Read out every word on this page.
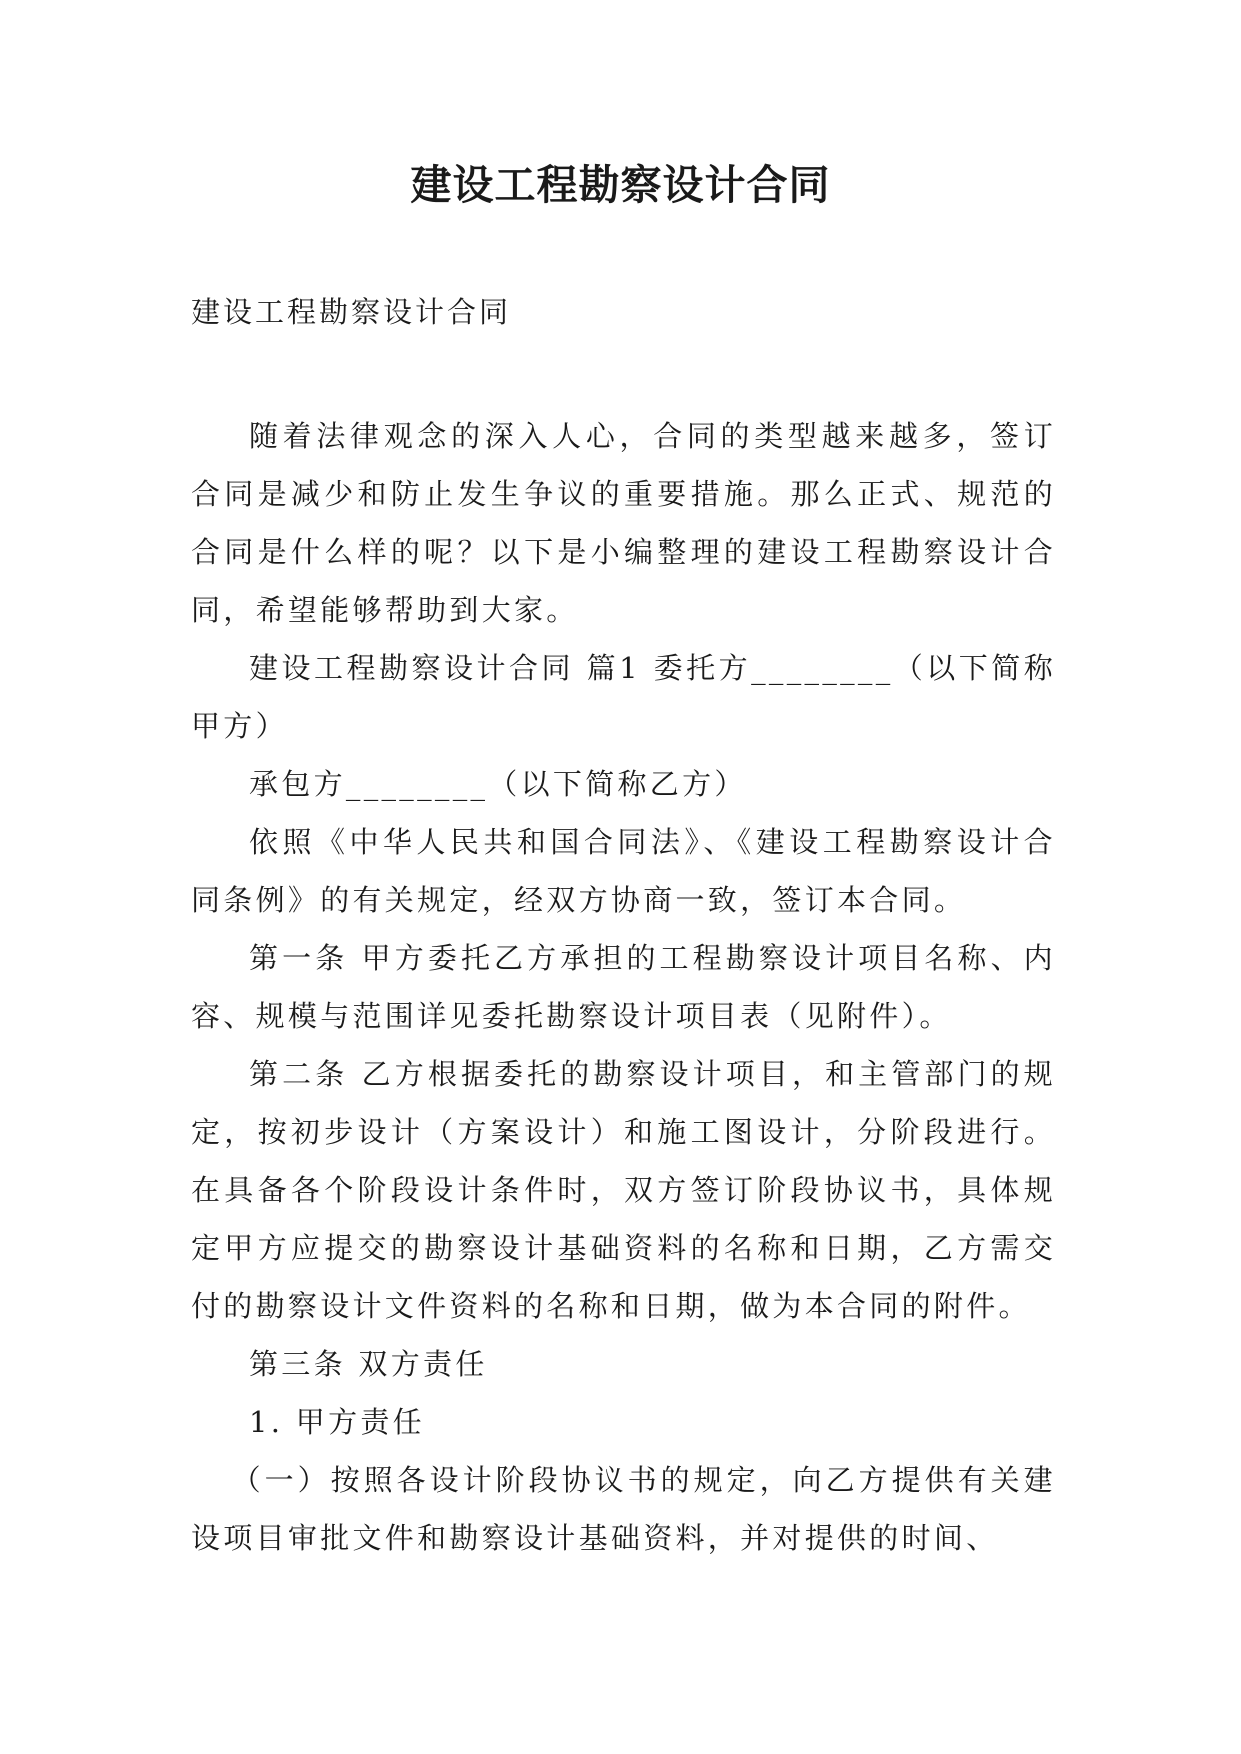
建设工程勘察设计合同

建设工程勘察设计合同

随着法律观念的深入人心，合同的类型越来越多，签订合同是减少和防止发生争议的重要措施。那么正式、规范的合同是什么样的呢？以下是小编整理的建设工程勘察设计合同，希望能够帮助到大家。

建设工程勘察设计合同 篇1 委托方________（以下简称甲方）

承包方________（以下简称乙方）

依照《中华人民共和国合同法》、《建设工程勘察设计合同条例》的有关规定，经双方协商一致，签订本合同。

第一条 甲方委托乙方承担的工程勘察设计项目名称、内容、规模与范围详见委托勘察设计项目表（见附件）。

第二条 乙方根据委托的勘察设计项目，和主管部门的规定，按初步设计（方案设计）和施工图设计，分阶段进行。在具备各个阶段设计条件时，双方签订阶段协议书，具体规定甲方应提交的勘察设计基础资料的名称和日期，乙方需交付的勘察设计文件资料的名称和日期，做为本合同的附件。

第三条 双方责任

1. 甲方责任

（一）按照各设计阶段协议书的规定，向乙方提供有关建设项目审批文件和勘察设计基础资料，并对提供的时间、
